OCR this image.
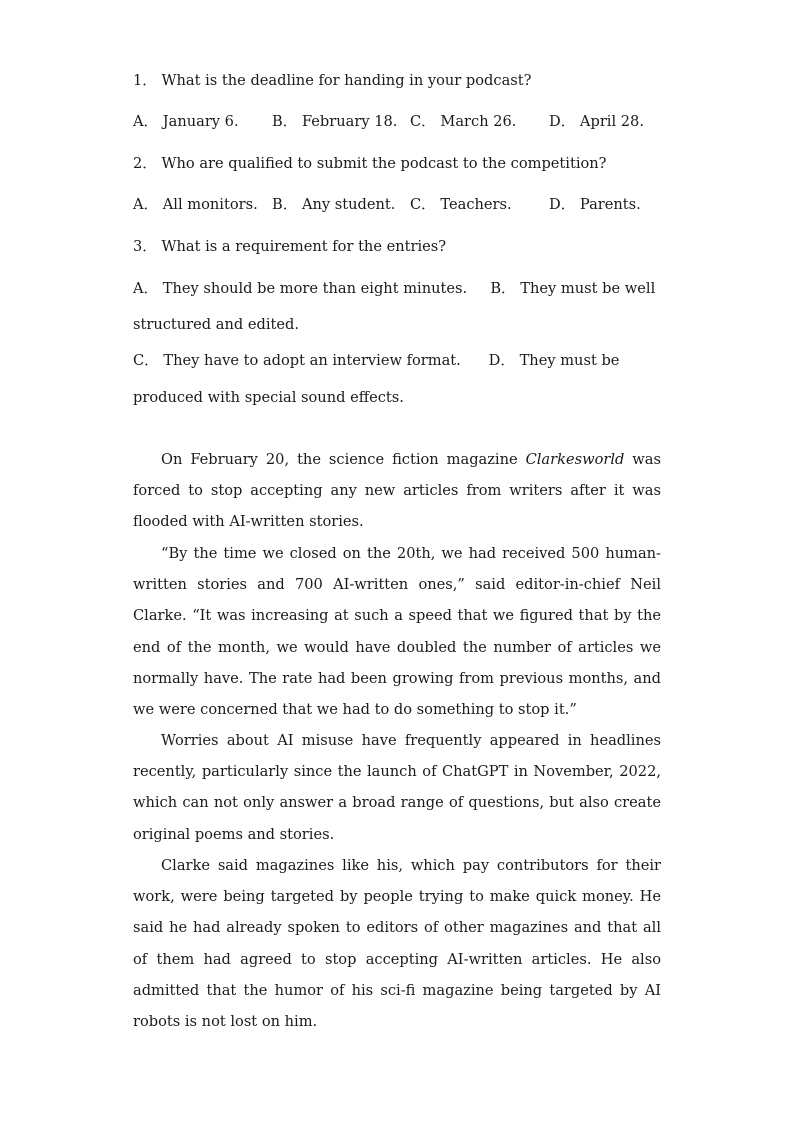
1． What is the deadline for handing in your podcast?
A． January 6. B． February 18. C． March 26. D． April 28.
2． Who are qualified to submit the podcast to the competition?
A． All monitors. B． Any student. C． Teachers.	D． Parents.
3． What is a requirement for the entries?
A． They should be more than eight minutes.     B． They must be well
structured and edited.
C． They have to adopt an interview format.      D． They must be
produced with special sound effects.

On February 20, the science fiction magazine Clarkesworld was forced to stop accepting any new articles from writers after it was flooded with AI-written stories.

“By the time we closed on the 20th, we had received 500 human-written stories and 700 AI-written ones,” said editor-in-chief Neil Clarke. “It was increasing at such a speed that we figured that by the end of the month, we would have doubled the number of articles we normally have. The rate had been growing from previous months, and we were concerned that we had to do something to stop it.”

Worries about AI misuse have frequently appeared in headlines recently, particularly since the launch of ChatGPT in November, 2022, which can not only answer a broad range of questions, but also create original poems and stories.

Clarke said magazines like his, which pay contributors for their work, were being targeted by people trying to make quick money. He said he had already spoken to editors of other magazines and that all of them had agreed to stop accepting AI-written articles. He also admitted that the humor of his sci-fi magazine being targeted by AI robots is not lost on him.
